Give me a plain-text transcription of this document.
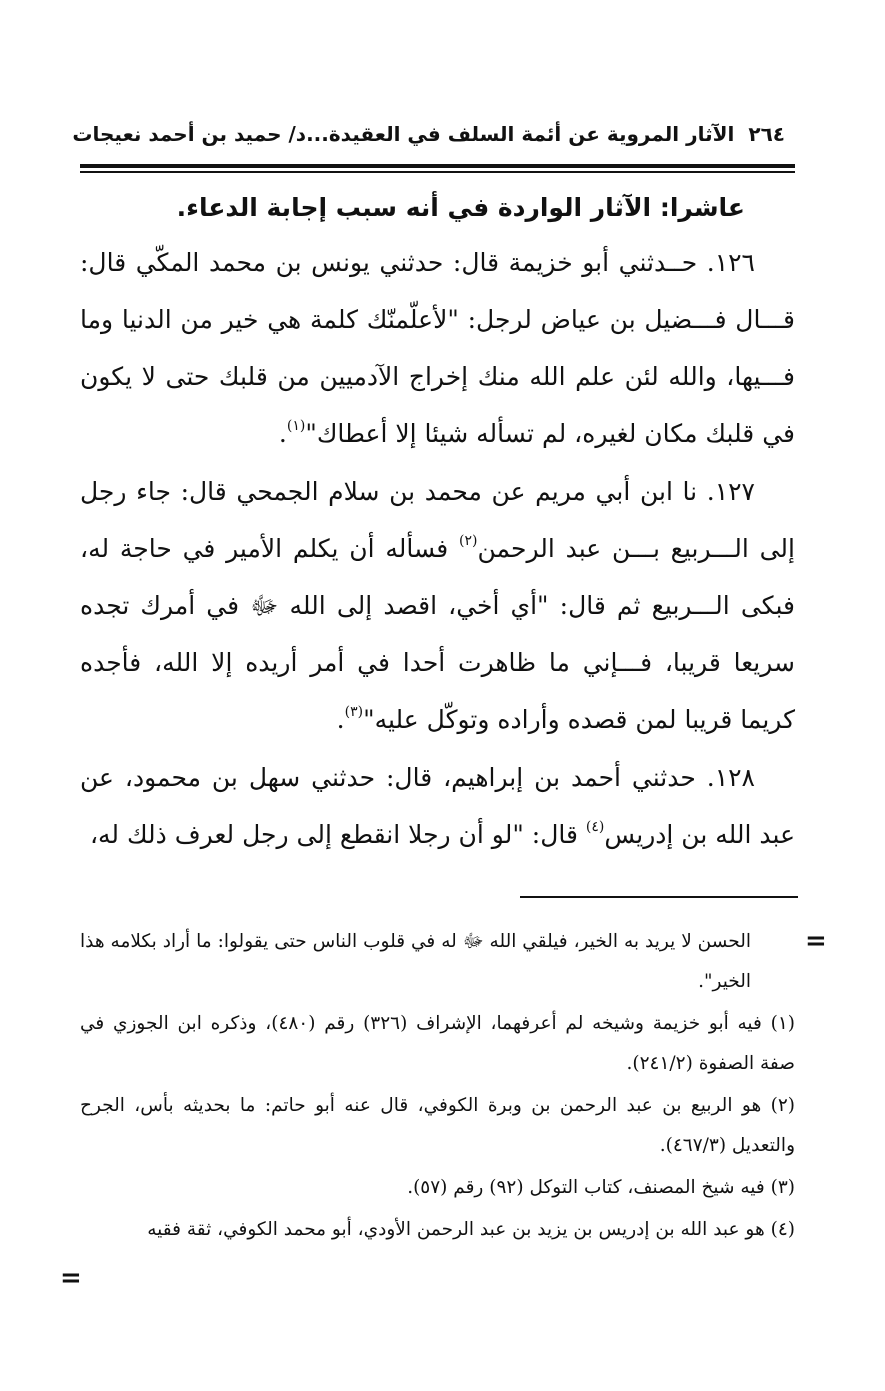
٢٦٤الآثار المروية عن أئمة السلف في العقيدة...د/ حميد بن أحمد نعيجات

عاشرا: الآثار الواردة في أنه سبب إجابة الدعاء.

١٢٦. حــدثني أبو خزيمة قال: حدثني يونس بن محمد المكّي قال: قـــال فـــضيل بن عياض لرجل: "لأعلّمنّك كلمة هي خير من الدنيا وما فـــيها، والله لئن علم الله منك إخراج الآدميين من قلبك حتى لا يكون في قلبك مكان لغيره، لم تسأله شيئا إلا أعطاك"$^{(١)}$.

١٢٧. نا ابن أبي مريم عن محمد بن سلام الجمحي قال: جاء رجل إلى الـــربيع بـــن عبد الرحمن$^{(٢)}$ فسأله أن يكلم الأمير في حاجة له، فبكى الـــربيع ثم قال: "أي أخي، اقصد إلى الله ﷻ في أمرك تجده سريعا قريبا، فـــإني ما ظاهرت أحدا في أمر أريده إلا الله، فأجده كريما قريبا لمن قصده وأراده وتوكّل عليه"$^{(٣)}$.

١٢٨. حدثني أحمد بن إبراهيم، قال: حدثني سهل بن محمود، عن عبد الله بن إدريس$^{(٤)}$ قال: "لو أن رجلا انقطع إلى رجل لعرف ذلك له،

=
الحسن لا يريد به الخير، فيلقي الله ﷻ له في قلوب الناس حتى يقولوا: ما أراد بكلامه هذا الخير".
(١) فيه أبو خزيمة وشيخه لم أعرفهما، الإشراف (٣٢٦) رقم (٤٨٠)، وذكره ابن الجوزي في صفة الصفوة (٢٤١/٢).
(٢) هو الربيع بن عبد الرحمن بن وبرة الكوفي، قال عنه أبو حاتم: ما بحديثه بأس، الجرح والتعديل (٤٦٧/٣).
(٣) فيه شيخ المصنف، كتاب التوكل (٩٢) رقم (٥٧).
(٤) هو عبد الله بن إدريس بن يزيد بن عبد الرحمن الأودي، أبو محمد الكوفي، ثقة فقيه
=
